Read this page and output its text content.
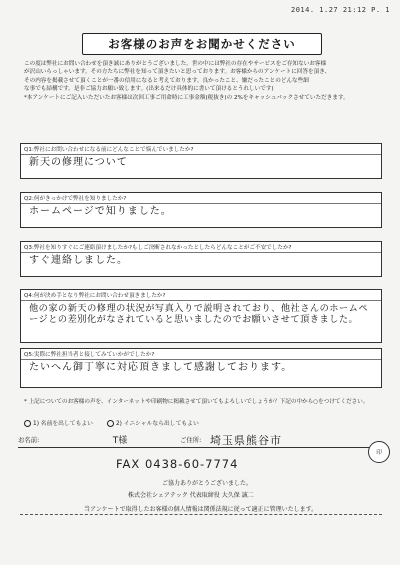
2014. 1.27 21:12 P. 1
お客様のお声をお聞かせください

この度は弊社にお問い合わせを頂き誠にありがとうございました。世の中には弊社の存在やサービスをご存知ないお客様

が沢山いらっしゃいます。その方たちに弊社を知って頂きたいと思っております。お客様からのアンケートに回答を頂き、

その内容を掲載させて頂くことが一番の信用になると考えております。良かったこと、嫌だったことのどんな些細

な事でも結構です。是非ご協力お願い致します。(出来るだけ具体的に書いて頂けるとうれしいです)

*本アンケートにご記入いただいたお客様は次回工事ご用命時に工事金額(税抜き)の 2%をキャッシュバックさせていただきます。

Q1:弊社にお問い合わせになる前にどんなことで悩んでいましたか?
新天の修理について
Q2:何がきっかけで弊社を知りましたか?
ホームページで知りました。
Q3:弊社を知りすぐにご連絡頂けましたか?もしご決断されなかったとしたらどんなことがご不安でしたか?
すぐ連絡しました。
Q4:何が決め手となり弊社にお問い合わせ頂きましたか?
他の家の新天の修理の状況が写真入りで説明されており、他社さんのホームページとの差別化がなされていると思いましたのでお願いさせて頂きました。
Q5:実際に弊社担当者と接してみていかがでしたか?
たいへん御丁寧に対応頂きまして感謝しております。
* 上記についてのお客様の声を、インターネットや印刷物に掲載させて頂いてもよろしいでしょうか？下記の中から○をつけてください。
1) 名前を出してもよい	2) イニシャルなら出してもよい
お名前:	T様	ご住所: 埼玉県熊谷市
印
FAX 0438-60-7774
ご協力ありがとうございました。
株式会社シェアテック 代表取締役 大久保 誠二
当アンケートで取得したお客様の個人情報は関係法規に従って適正に管理いたします。
